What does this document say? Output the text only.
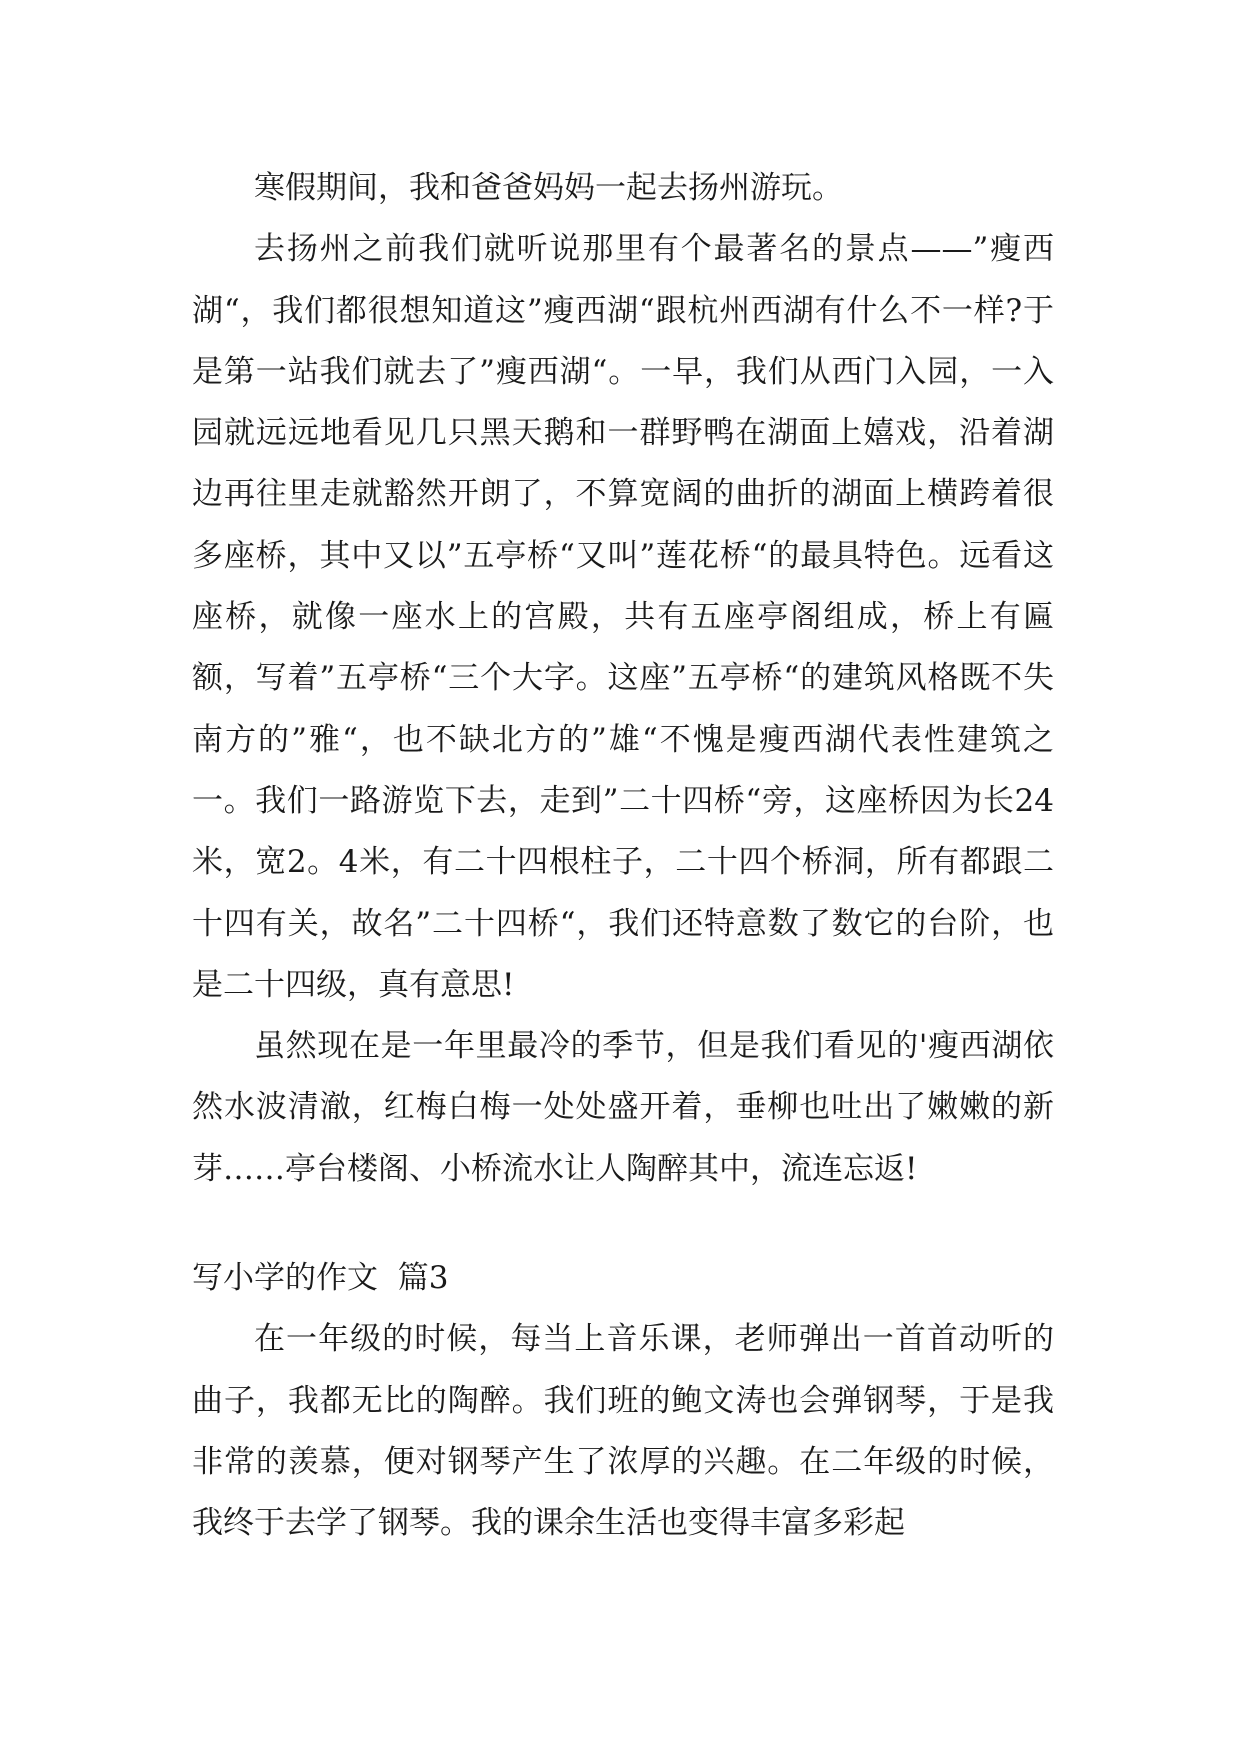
寒假期间，我和爸爸妈妈一起去扬州游玩。

去扬州之前我们就听说那里有个最著名的景点——”瘦西湖“，我们都很想知道这”瘦西湖“跟杭州西湖有什么不一样?于是第一站我们就去了”瘦西湖“。一早，我们从西门入园，一入园就远远地看见几只黑天鹅和一群野鸭在湖面上嬉戏，沿着湖边再往里走就豁然开朗了，不算宽阔的曲折的湖面上横跨着很多座桥，其中又以”五亭桥“又叫”莲花桥“的最具特色。远看这座桥，就像一座水上的宫殿，共有五座亭阁组成，桥上有匾额，写着”五亭桥“三个大字。这座”五亭桥“的建筑风格既不失南方的”雅“，也不缺北方的”雄“不愧是瘦西湖代表性建筑之一。我们一路游览下去，走到”二十四桥“旁，这座桥因为长24米，宽2。4米，有二十四根柱子，二十四个桥洞，所有都跟二十四有关，故名”二十四桥“，我们还特意数了数它的台阶，也是二十四级，真有意思!

虽然现在是一年里最冷的季节，但是我们看见的'瘦西湖依然水波清澈，红梅白梅一处处盛开着，垂柳也吐出了嫩嫩的新芽……亭台楼阁、小桥流水让人陶醉其中，流连忘返!

写小学的作文  篇3

在一年级的时候，每当上音乐课，老师弹出一首首动听的曲子，我都无比的陶醉。我们班的鲍文涛也会弹钢琴，于是我非常的羡慕，便对钢琴产生了浓厚的兴趣。在二年级的时候，我终于去学了钢琴。我的课余生活也变得丰富多彩起
